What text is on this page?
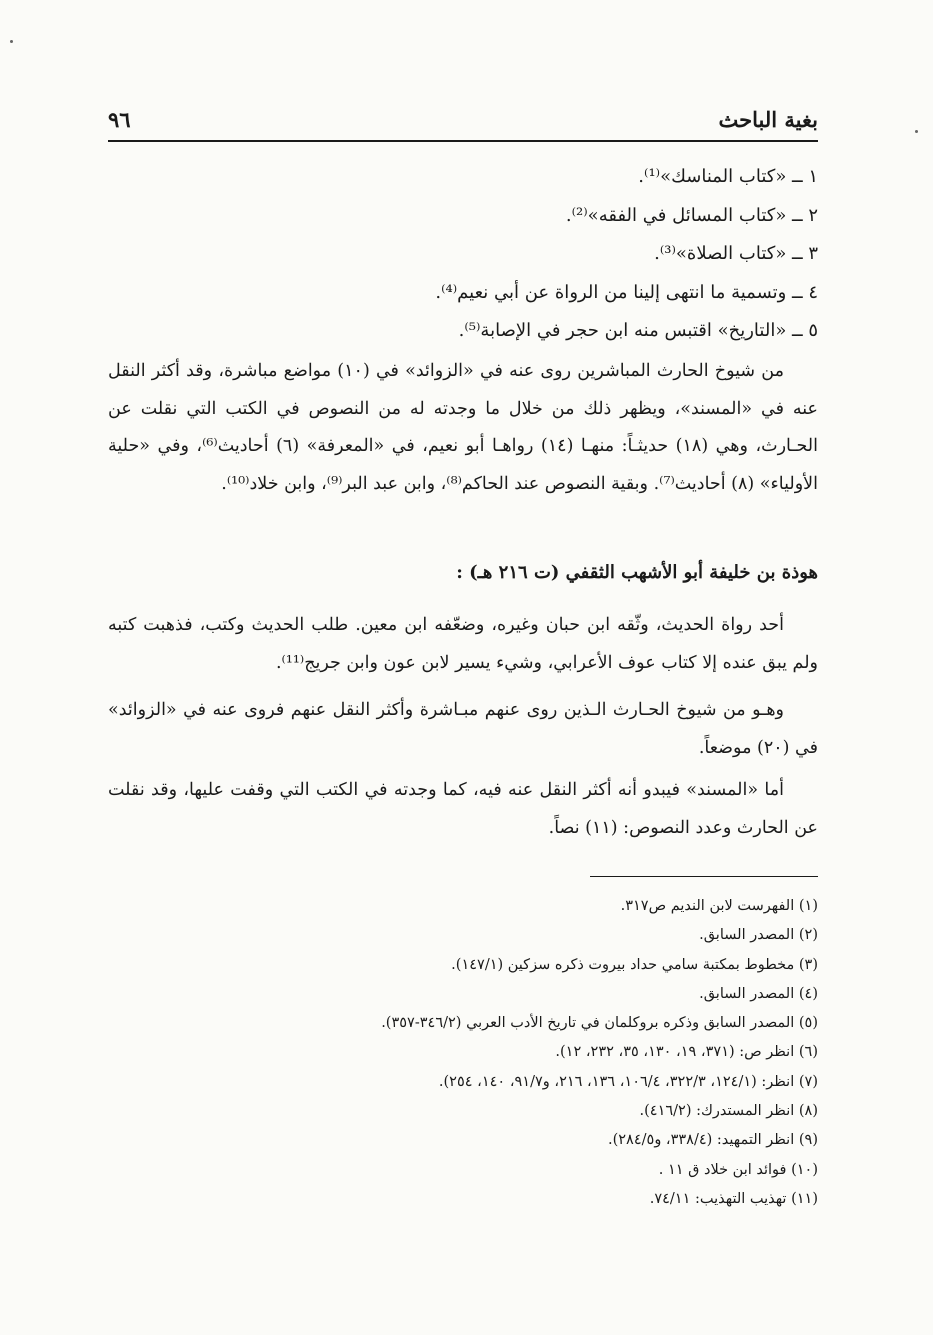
٩٦	بغية الباحث
١ ــ «كتاب المناسك»⁽¹⁾.
٢ ــ «كتاب المسائل في الفقه»⁽²⁾.
٣ ــ «كتاب الصلاة»⁽³⁾.
٤ ــ وتسمية ما انتهى إلينا من الرواة عن أبي نعيم⁽⁴⁾.
٥ ــ «التاريخ» اقتبس منه ابن حجر في الإصابة⁽⁵⁾.

من شيوخ الحارث المباشرين روى عنه في «الزوائد» في (١٠) مواضع مباشرة، وقد أكثر النقل عنه في «المسند»، ويظهر ذلك من خلال ما وجدته له من النصوص في الكتب التي نقلت عن الحـارث، وهي (١٨) حديثـاً: منهـا (١٤) رواهـا أبو نعيم، في «المعرفة» (٦) أحاديث⁽⁶⁾، وفي «حلية الأولياء» (٨) أحاديث⁽⁷⁾. وبقية النصوص عند الحاكم⁽⁸⁾، وابن عبد البر⁽⁹⁾، وابن خلاد⁽¹⁰⁾.

هوذة بن خليفة أبو الأشهب الثقفي (ت ٢١٦ هـ) :

أحد رواة الحديث، وثّقه ابن حبان وغيره، وضعّفه ابن معين. طلب الحديث وكتب، فذهبت كتبه ولم يبق عنده إلا كتاب عوف الأعرابي، وشيء يسير لابن عون وابن جريج⁽¹¹⁾.

وهـو من شيوخ الحـارث الـذين روى عنهم مبـاشرة وأكثر النقل عنهم فروى عنه في «الزوائد» في (٢٠) موضعاً.

أما «المسند» فيبدو أنه أكثر النقل عنه فيه، كما وجدته في الكتب التي وقفت عليها، وقد نقلت عن الحارث وعدد النصوص: (١١) نصاً.

(١) الفهرست لابن النديم ص٣١٧.
(٢) المصدر السابق.
(٣) مخطوط بمكتبة سامي حداد بيروت ذكره سزكين (١٤٧/١).
(٤) المصدر السابق.
(٥) المصدر السابق وذكره بروكلمان في تاريخ الأدب العربي (٣٤٦/٢-٣٥٧).
(٦) انظر ص: (٣٧١، ١٩، ١٣٠، ٣٥، ٢٣٢، ١٢).
(٧) انظر: (١٢٤/١، ٣٢٢/٣، ١٠٦/٤، ١٣٦، ٢١٦، و٩١/٧، ١٤٠، ٢٥٤).
(٨) انظر المستدرك: (٤١٦/٢).
(٩) انظر التمهيد: (٣٣٨/٤، و٢٨٤/٥).
(١٠) فوائد ابن خلاد ق ١١ .
(١١) تهذيب التهذيب: ٧٤/١١.
